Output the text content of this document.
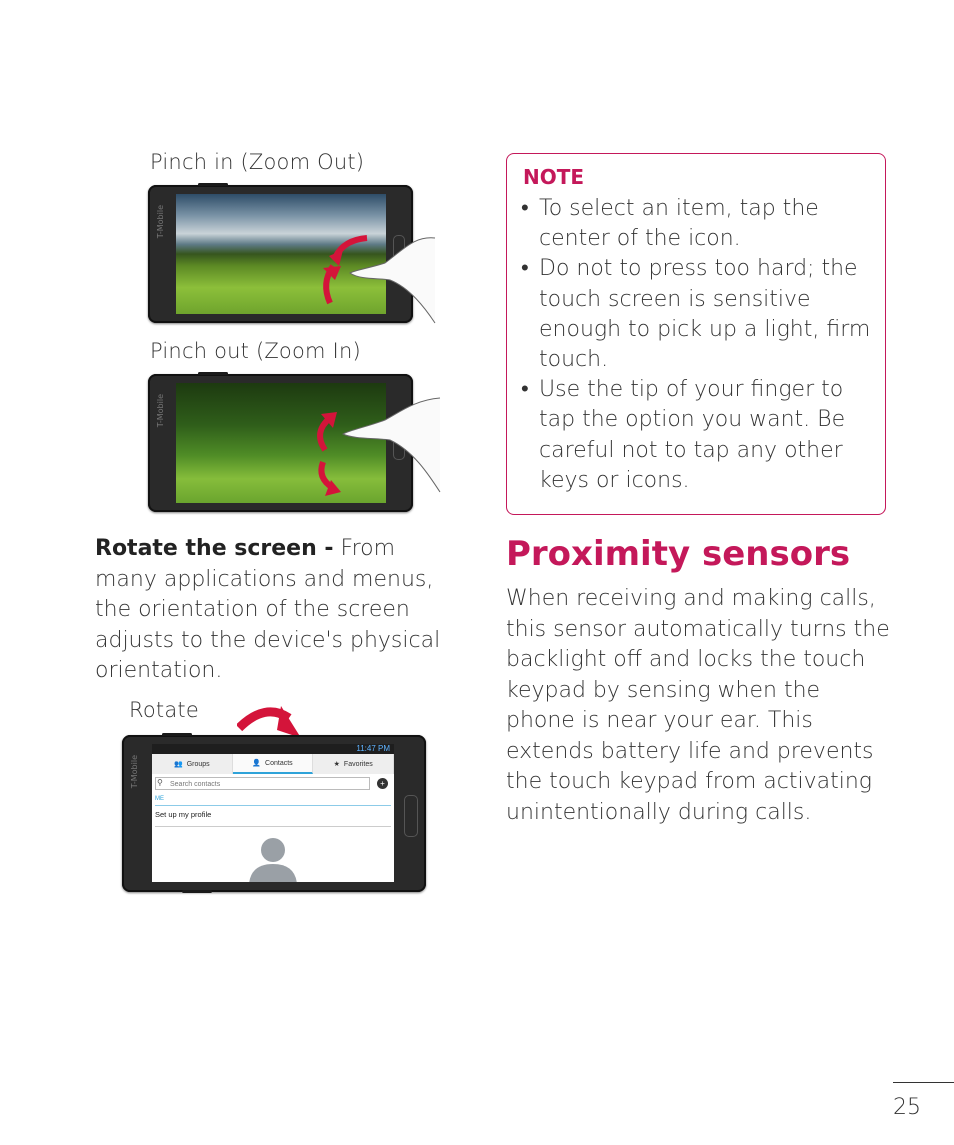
Pinch in (Zoom Out)
T-Mobile
Pinch out (Zoom In)
T-Mobile
Rotate the screen - From many applications and menus, the orientation of the screen adjusts to the device's physical orientation.
Rotate
T-Mobile
11:47 PM
👥 Groups	👤 Contacts	★ Favorites
⚲	Search contacts	+
ME
Set up my profile
NOTE
• To select an item, tap the center of the icon.
• Do not to press too hard; the touch screen is sensitive enough to pick up a light, firm touch.
• Use the tip of your finger to tap the option you want. Be careful not to tap any other keys or icons.
Proximity sensors
When receiving and making calls, this sensor automatically turns the backlight off and locks the touch keypad by sensing when the phone is near your ear. This extends battery life and prevents the touch keypad from activating unintentionally during calls.
25
